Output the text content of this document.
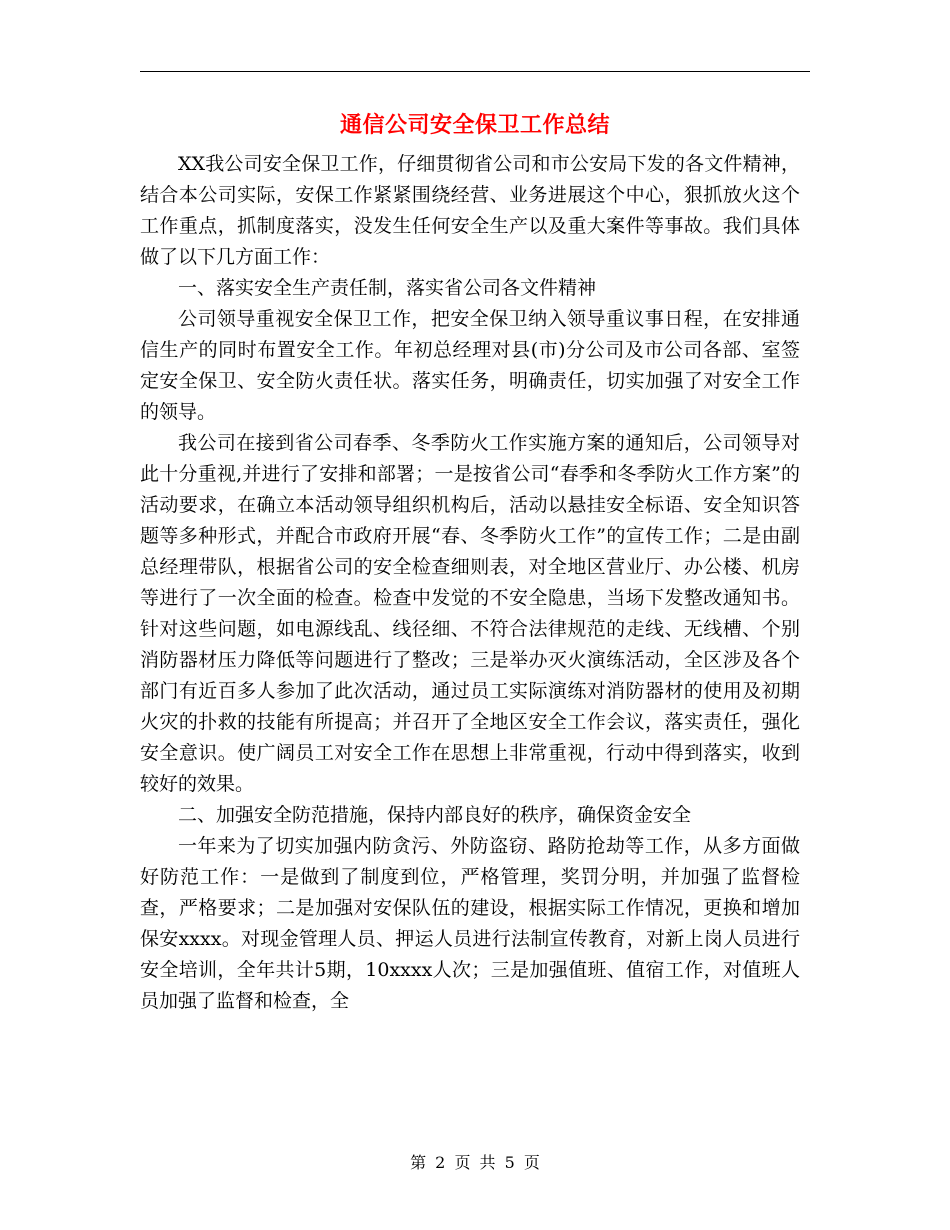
通信公司安全保卫工作总结

XX我公司安全保卫工作，仔细贯彻省公司和市公安局下发的各文件精神，结合本公司实际，安保工作紧紧围绕经营、业务进展这个中心，狠抓放火这个工作重点，抓制度落实，没发生任何安全生产以及重大案件等事故。我们具体做了以下几方面工作：

一、落实安全生产责任制，落实省公司各文件精神

公司领导重视安全保卫工作，把安全保卫纳入领导重议事日程，在安排通信生产的同时布置安全工作。年初总经理对县(市)分公司及市公司各部、室签定安全保卫、安全防火责任状。落实任务，明确责任，切实加强了对安全工作的领导。

我公司在接到省公司春季、冬季防火工作实施方案的通知后，公司领导对此十分重视,并进行了安排和部署；一是按省公司“春季和冬季防火工作方案”的活动要求，在确立本活动领导组织机构后，活动以悬挂安全标语、安全知识答题等多种形式，并配合市政府开展“春、冬季防火工作”的宣传工作；二是由副总经理带队，根据省公司的安全检查细则表，对全地区营业厅、办公楼、机房等进行了一次全面的检查。检查中发觉的不安全隐患，当场下发整改通知书。针对这些问题，如电源线乱、线径细、不符合法律规范的走线、无线槽、个别消防器材压力降低等问题进行了整改；三是举办灭火演练活动，全区涉及各个部门有近百多人参加了此次活动，通过员工实际演练对消防器材的使用及初期火灾的扑救的技能有所提高；并召开了全地区安全工作会议，落实责任，强化安全意识。使广阔员工对安全工作在思想上非常重视，行动中得到落实，收到较好的效果。

二、加强安全防范措施，保持内部良好的秩序，确保资金安全

一年来为了切实加强内防贪污、外防盗窃、路防抢劫等工作，从多方面做好防范工作：一是做到了制度到位，严格管理，奖罚分明，并加强了监督检查，严格要求；二是加强对安保队伍的建设，根据实际工作情况，更换和增加保安xxxx。对现金管理人员、押运人员进行法制宣传教育，对新上岗人员进行安全培训，全年共计5期，10xxxx人次；三是加强值班、值宿工作，对值班人员加强了监督和检查，全

第 2 页 共 5 页
